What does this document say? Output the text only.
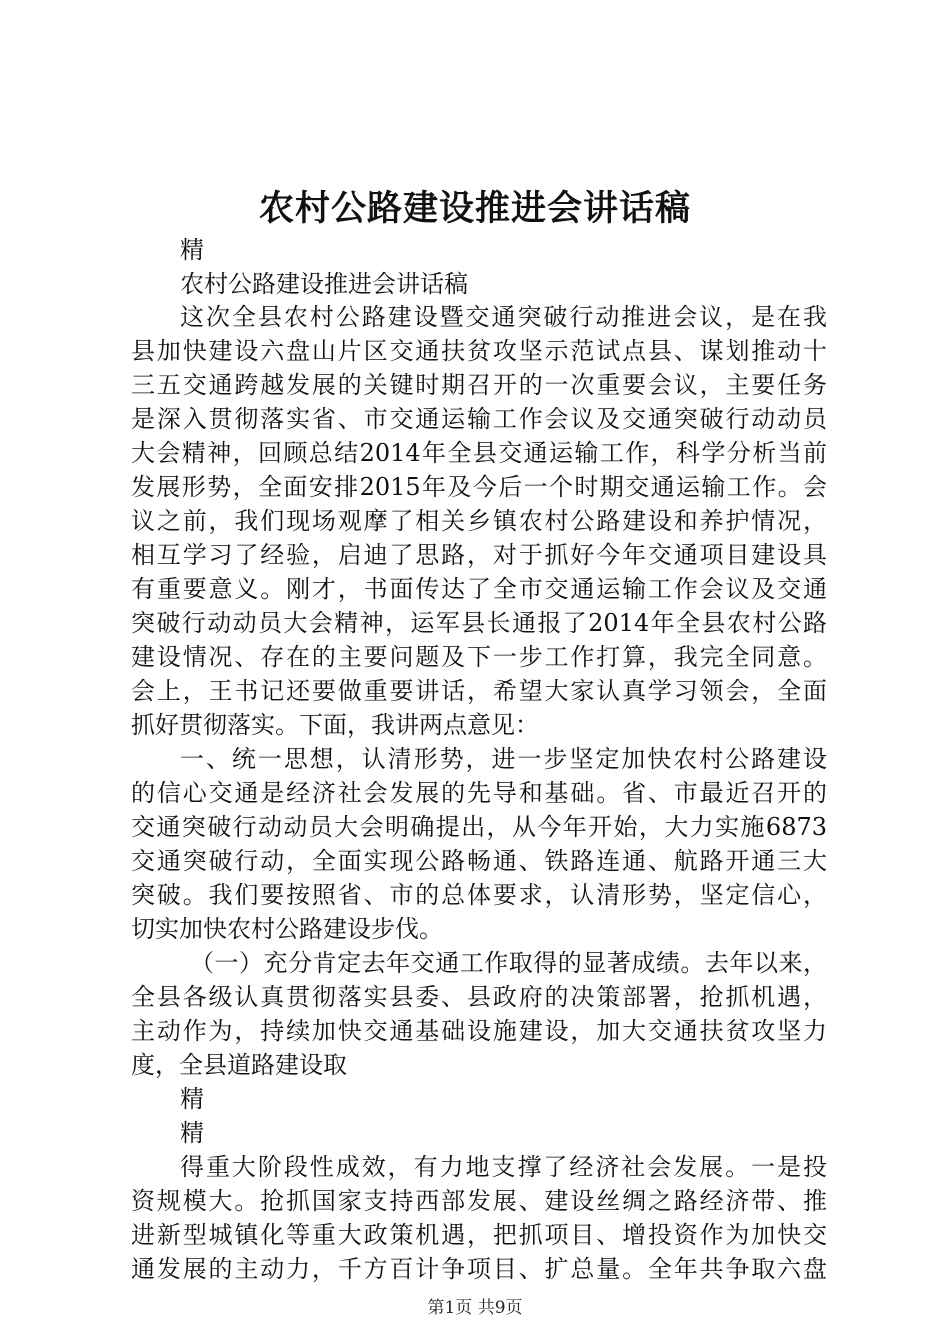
农村公路建设推进会讲话稿
精
农村公路建设推进会讲话稿
这次全县农村公路建设暨交通突破行动推进会议，是在我
县加快建设六盘山片区交通扶贫攻坚示范试点县、谋划推动十
三五交通跨越发展的关键时期召开的一次重要会议，主要任务
是深入贯彻落实省、市交通运输工作会议及交通突破行动动员
大会精神，回顾总结2014年全县交通运输工作，科学分析当前
发展形势，全面安排2015年及今后一个时期交通运输工作。会
议之前，我们现场观摩了相关乡镇农村公路建设和养护情况，
相互学习了经验，启迪了思路，对于抓好今年交通项目建设具
有重要意义。刚才，书面传达了全市交通运输工作会议及交通
突破行动动员大会精神，运军县长通报了2014年全县农村公路
建设情况、存在的主要问题及下一步工作打算，我完全同意。
会上，王书记还要做重要讲话，希望大家认真学习领会，全面
抓好贯彻落实。下面，我讲两点意见：
一、统一思想，认清形势，进一步坚定加快农村公路建设
的信心交通是经济社会发展的先导和基础。省、市最近召开的
交通突破行动动员大会明确提出，从今年开始，大力实施6873
交通突破行动，全面实现公路畅通、铁路连通、航路开通三大
突破。我们要按照省、市的总体要求，认清形势，坚定信心，
切实加快农村公路建设步伐。
（一）充分肯定去年交通工作取得的显著成绩。去年以来，
全县各级认真贯彻落实县委、县政府的决策部署，抢抓机遇，
主动作为，持续加快交通基础设施建设，加大交通扶贫攻坚力
度，全县道路建设取
精
精
得重大阶段性成效，有力地支撑了经济社会发展。一是投
资规模大。抢抓国家支持西部发展、建设丝绸之路经济带、推
进新型城镇化等重大政策机遇，把抓项目、增投资作为加快交
通发展的主动力，千方百计争项目、扩总量。全年共争取六盘
第1页 共9页
